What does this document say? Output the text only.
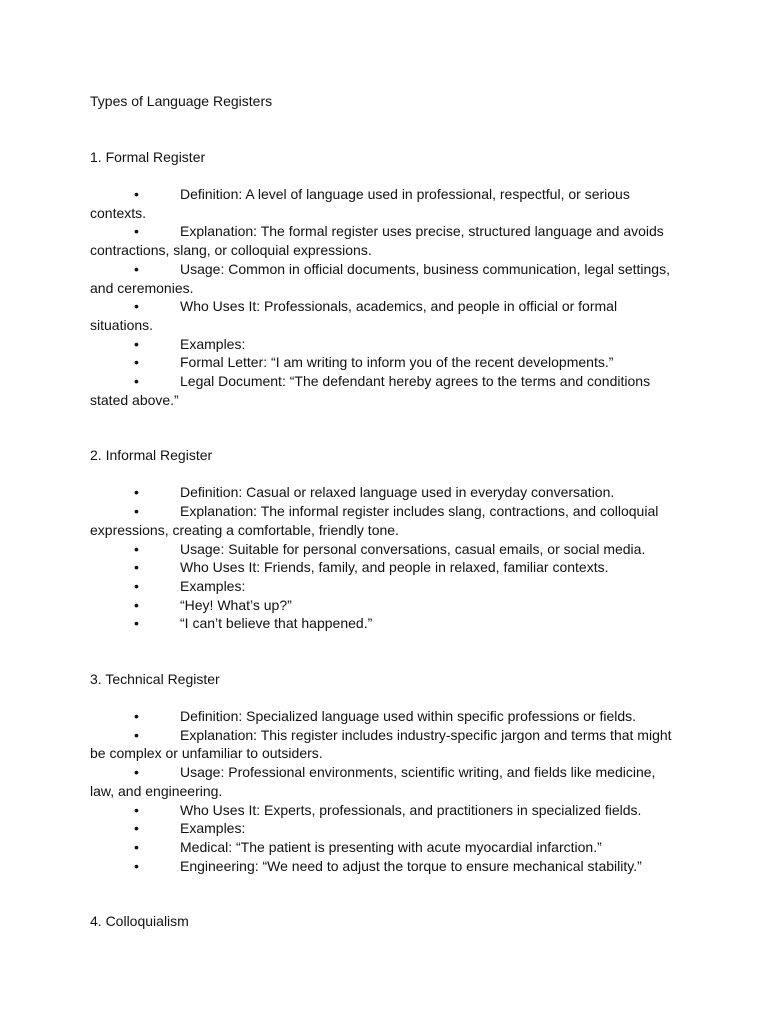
Types of Language Registers
1. Formal Register

•	Definition: A level of language used in professional, respectful, or serious contexts.

•	Explanation: The formal register uses precise, structured language and avoids contractions, slang, or colloquial expressions.

•	Usage: Common in official documents, business communication, legal settings, and ceremonies.

•	Who Uses It: Professionals, academics, and people in official or formal situations.

•	Examples:

•	Formal Letter: “I am writing to inform you of the recent developments.”

•	Legal Document: “The defendant hereby agrees to the terms and conditions stated above.”

2. Informal Register

•	Definition: Casual or relaxed language used in everyday conversation.

•	Explanation: The informal register includes slang, contractions, and colloquial expressions, creating a comfortable, friendly tone.

•	Usage: Suitable for personal conversations, casual emails, or social media.

•	Who Uses It: Friends, family, and people in relaxed, familiar contexts.

•	Examples:

•	“Hey! What’s up?”

•	“I can’t believe that happened.”

3. Technical Register

•	Definition: Specialized language used within specific professions or fields.

•	Explanation: This register includes industry-specific jargon and terms that might be complex or unfamiliar to outsiders.

•	Usage: Professional environments, scientific writing, and fields like medicine, law, and engineering.

•	Who Uses It: Experts, professionals, and practitioners in specialized fields.

•	Examples:

•	Medical: “The patient is presenting with acute myocardial infarction.”

•	Engineering: “We need to adjust the torque to ensure mechanical stability.”

4. Colloquialism
